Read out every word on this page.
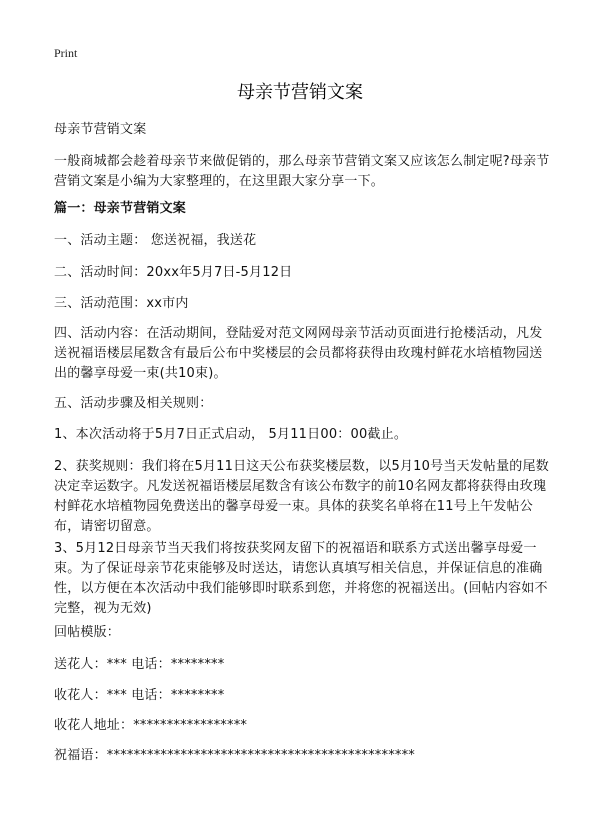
Print
母亲节营销文案
母亲节营销文案
一般商城都会趁着母亲节来做促销的，那么母亲节营销文案又应该怎么制定呢?母亲节营销文案是小编为大家整理的，在这里跟大家分享一下。
篇一：母亲节营销文案
一、活动主题： 您送祝福，我送花
二、活动时间：20xx年5月7日-5月12日
三、活动范围：xx市内
四、活动内容：在活动期间，登陆爱对范文网网母亲节活动页面进行抢楼活动，凡发送祝福语楼层尾数含有最后公布中奖楼层的会员都将获得由玫瑰村鲜花水培植物园送出的馨享母爱一束(共10束)。
五、活动步骤及相关规则：
1、本次活动将于5月7日正式启动， 5月11日00：00截止。
2、获奖规则：我们将在5月11日这天公布获奖楼层数，以5月10号当天发帖量的尾数决定幸运数字。凡发送祝福语楼层尾数含有该公布数字的前10名网友都将获得由玫瑰村鲜花水培植物园免费送出的馨享母爱一束。具体的获奖名单将在11号上午发帖公布，请密切留意。
3、5月12日母亲节当天我们将按获奖网友留下的祝福语和联系方式送出馨享母爱一束。为了保证母亲节花束能够及时送达，请您认真填写相关信息，并保证信息的准确性，以方便在本次活动中我们能够即时联系到您，并将您的祝福送出。(回帖内容如不完整，视为无效)
回帖模版：
送花人：*** 电话：********
收花人：*** 电话：********
收花人地址：*****************
祝福语：**********************************************
